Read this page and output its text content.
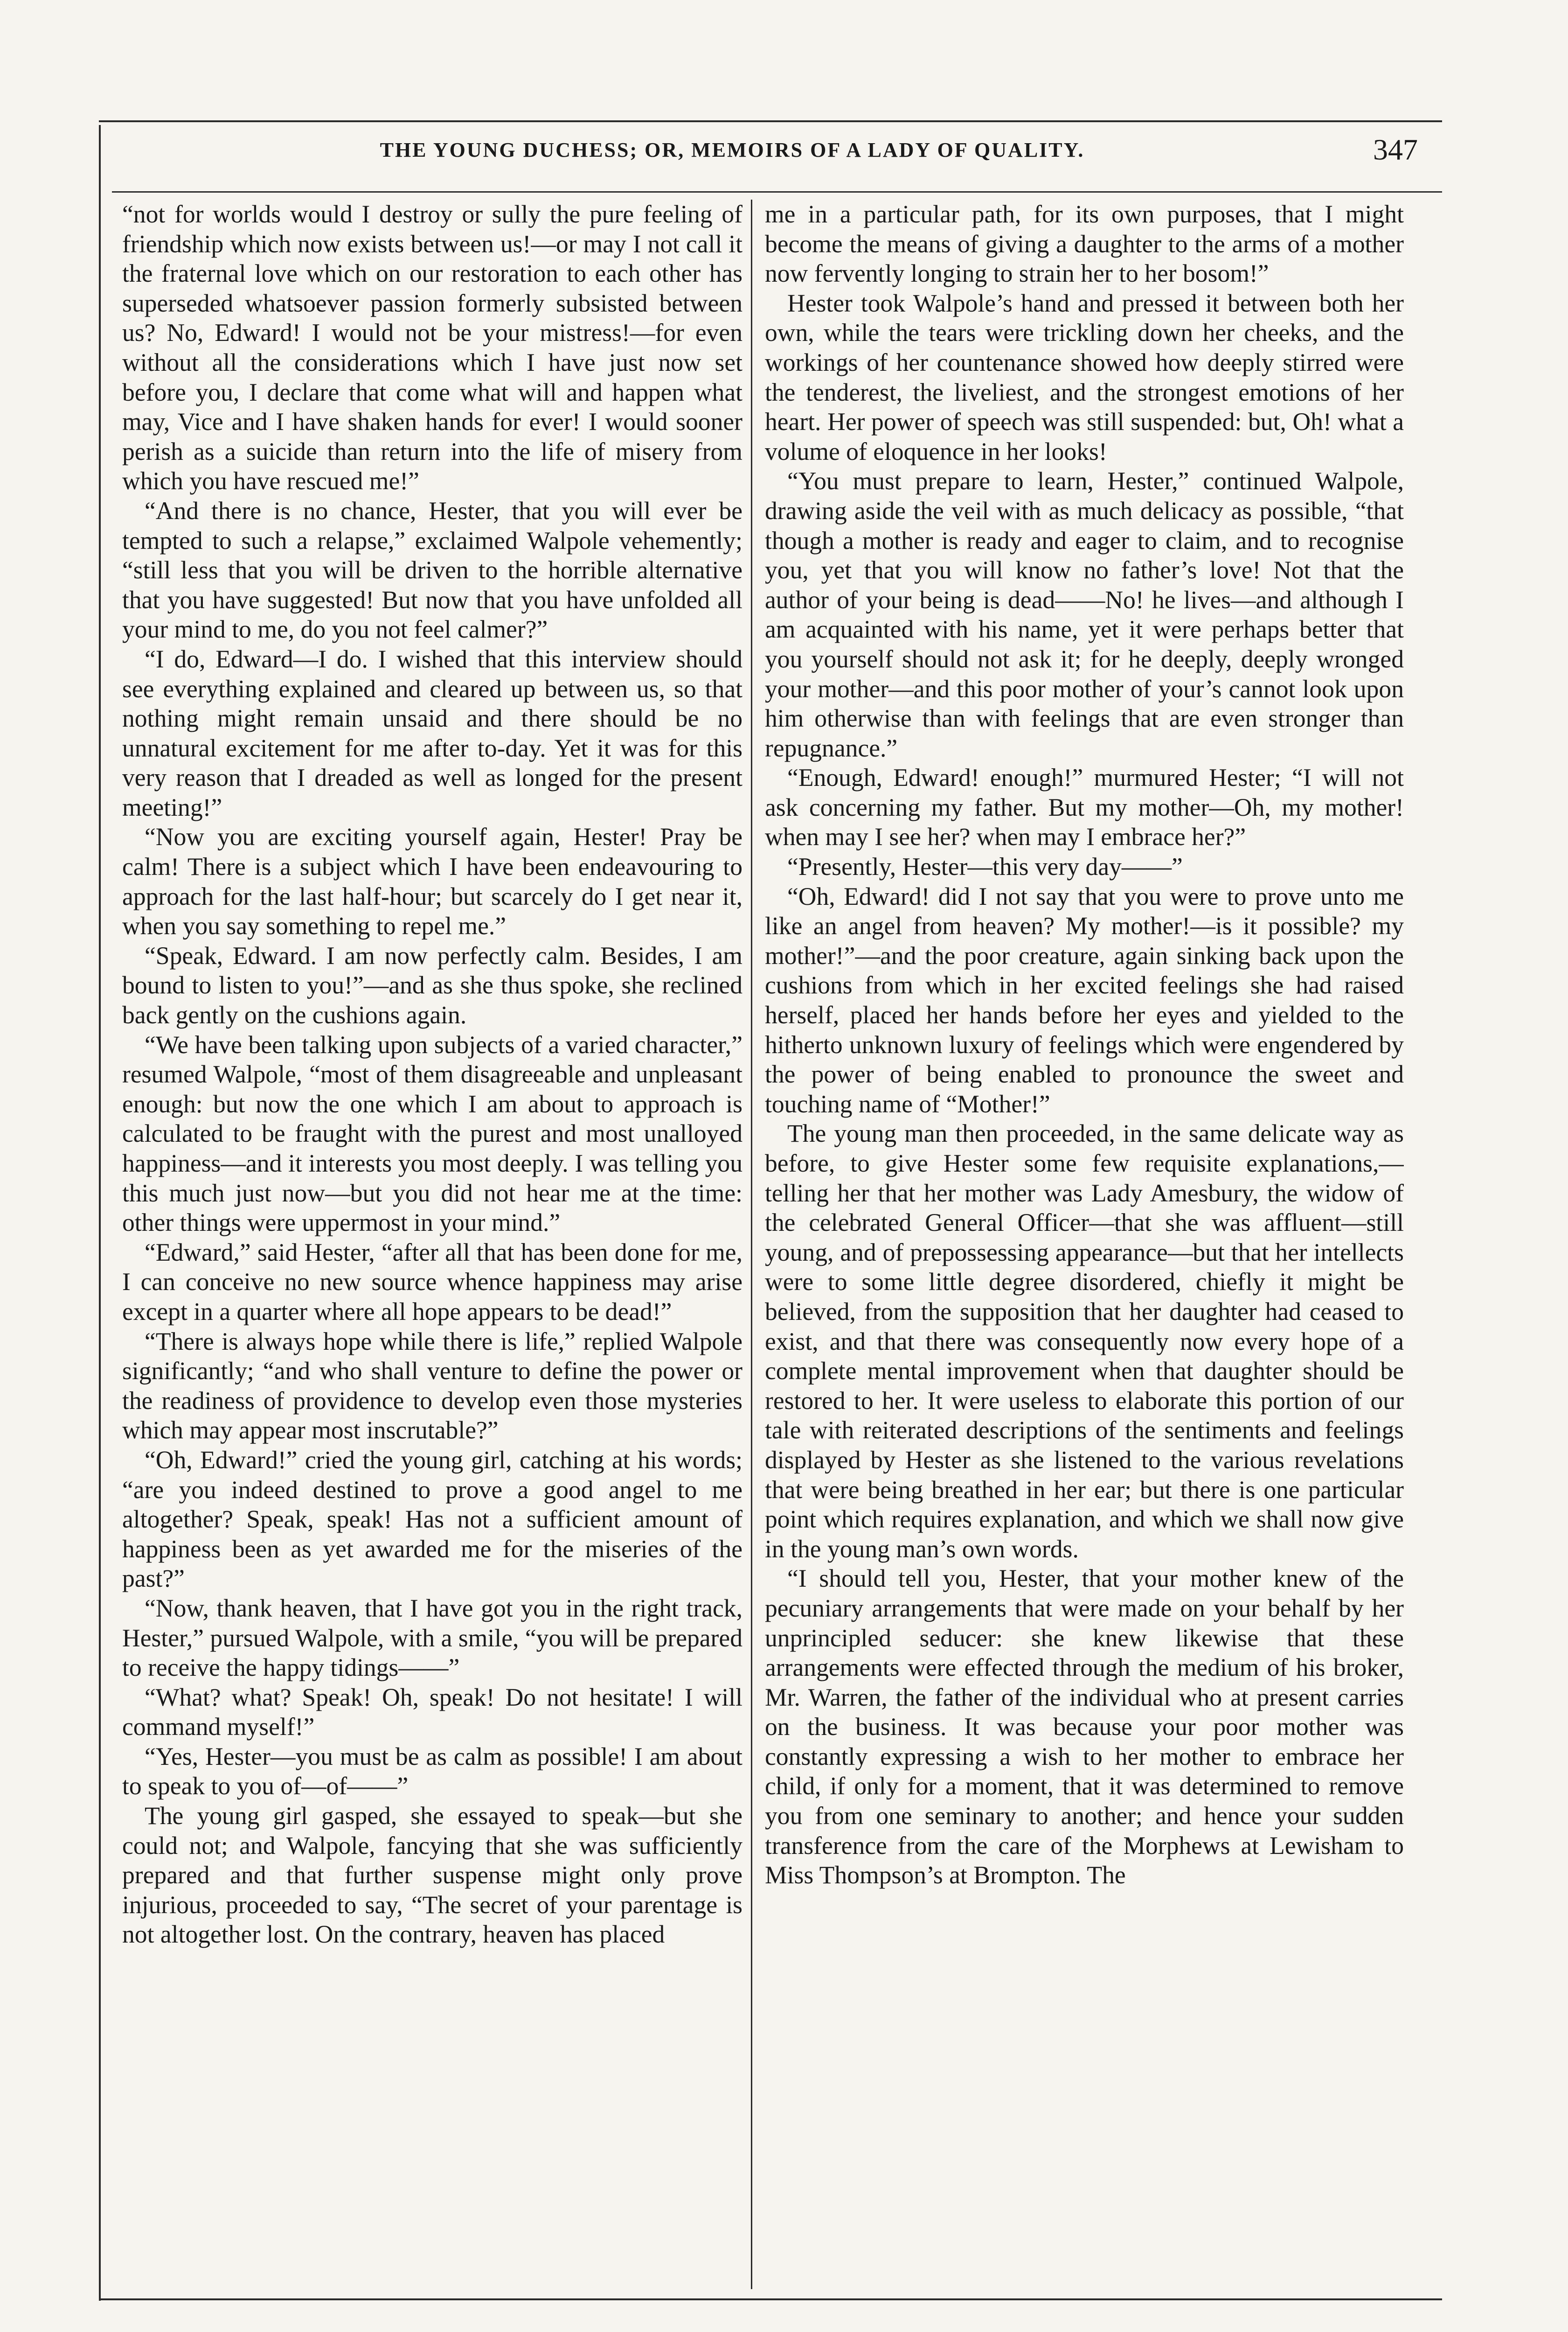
THE YOUNG DUCHESS; OR, MEMOIRS OF A LADY OF QUALITY.	347

“not for worlds would I destroy or sully the pure feeling of friendship which now exists between us!—or may I not call it the fraternal love which on our restoration to each other has superseded whatsoever passion formerly subsisted between us? No, Edward! I would not be your mistress!—for even without all the considerations which I have just now set before you, I declare that come what will and happen what may, Vice and I have shaken hands for ever! I would sooner perish as a suicide than return into the life of misery from which you have rescued me!”

“And there is no chance, Hester, that you will ever be tempted to such a relapse,” exclaimed Walpole vehemently; “still less that you will be driven to the horrible alternative that you have suggested! But now that you have unfolded all your mind to me, do you not feel calmer?”

“I do, Edward—I do. I wished that this interview should see everything explained and cleared up between us, so that nothing might remain unsaid and there should be no unnatural excitement for me after to-day. Yet it was for this very reason that I dreaded as well as longed for the present meeting!”

“Now you are exciting yourself again, Hester! Pray be calm! There is a subject which I have been endeavouring to approach for the last half-hour; but scarcely do I get near it, when you say something to repel me.”

“Speak, Edward. I am now perfectly calm. Besides, I am bound to listen to you!”—and as she thus spoke, she reclined back gently on the cushions again.

“We have been talking upon subjects of a varied character,” resumed Walpole, “most of them disagreeable and unpleasant enough: but now the one which I am about to approach is calculated to be fraught with the purest and most unalloyed happiness—and it interests you most deeply. I was telling you this much just now—but you did not hear me at the time: other things were uppermost in your mind.”

“Edward,” said Hester, “after all that has been done for me, I can conceive no new source whence happiness may arise except in a quarter where all hope appears to be dead!”

“There is always hope while there is life,” replied Walpole significantly; “and who shall venture to define the power or the readiness of providence to develop even those mysteries which may appear most inscrutable?”

“Oh, Edward!” cried the young girl, catching at his words; “are you indeed destined to prove a good angel to me altogether? Speak, speak! Has not a sufficient amount of happiness been as yet awarded me for the miseries of the past?”

“Now, thank heaven, that I have got you in the right track, Hester,” pursued Walpole, with a smile, “you will be prepared to receive the happy tidings——”

“What? what? Speak! Oh, speak! Do not hesitate! I will command myself!”

“Yes, Hester—you must be as calm as possible! I am about to speak to you of—of——”

The young girl gasped, she essayed to speak—but she could not; and Walpole, fancying that she was sufficiently prepared and that further suspense might only prove injurious, proceeded to say, “The secret of your parentage is not altogether lost. On the contrary, heaven has placed

me in a particular path, for its own purposes, that I might become the means of giving a daughter to the arms of a mother now fervently longing to strain her to her bosom!”

Hester took Walpole’s hand and pressed it between both her own, while the tears were trickling down her cheeks, and the workings of her countenance showed how deeply stirred were the tenderest, the liveliest, and the strongest emotions of her heart. Her power of speech was still suspended: but, Oh! what a volume of eloquence in her looks!

“You must prepare to learn, Hester,” continued Walpole, drawing aside the veil with as much delicacy as possible, “that though a mother is ready and eager to claim, and to recognise you, yet that you will know no father’s love! Not that the author of your being is dead——No! he lives—and although I am acquainted with his name, yet it were perhaps better that you yourself should not ask it; for he deeply, deeply wronged your mother—and this poor mother of your’s cannot look upon him otherwise than with feelings that are even stronger than repugnance.”

“Enough, Edward! enough!” murmured Hester; “I will not ask concerning my father. But my mother—Oh, my mother! when may I see her? when may I embrace her?”

“Presently, Hester—this very day——”

“Oh, Edward! did I not say that you were to prove unto me like an angel from heaven? My mother!—is it possible? my mother!”—and the poor creature, again sinking back upon the cushions from which in her excited feelings she had raised herself, placed her hands before her eyes and yielded to the hitherto unknown luxury of feelings which were engendered by the power of being enabled to pronounce the sweet and touching name of “Mother!”

The young man then proceeded, in the same delicate way as before, to give Hester some few requisite explanations,—telling her that her mother was Lady Amesbury, the widow of the celebrated General Officer—that she was affluent—still young, and of prepossessing appearance—but that her intellects were to some little degree disordered, chiefly it might be believed, from the supposition that her daughter had ceased to exist, and that there was consequently now every hope of a complete mental improvement when that daughter should be restored to her. It were useless to elaborate this portion of our tale with reiterated descriptions of the sentiments and feelings displayed by Hester as she listened to the various revelations that were being breathed in her ear; but there is one particular point which requires explanation, and which we shall now give in the young man’s own words.

“I should tell you, Hester, that your mother knew of the pecuniary arrangements that were made on your behalf by her unprincipled seducer: she knew likewise that these arrangements were effected through the medium of his broker, Mr. Warren, the father of the individual who at present carries on the business. It was because your poor mother was constantly expressing a wish to her mother to embrace her child, if only for a moment, that it was determined to remove you from one seminary to another; and hence your sudden transference from the care of the Morphews at Lewisham to Miss Thompson’s at Brompton. The
